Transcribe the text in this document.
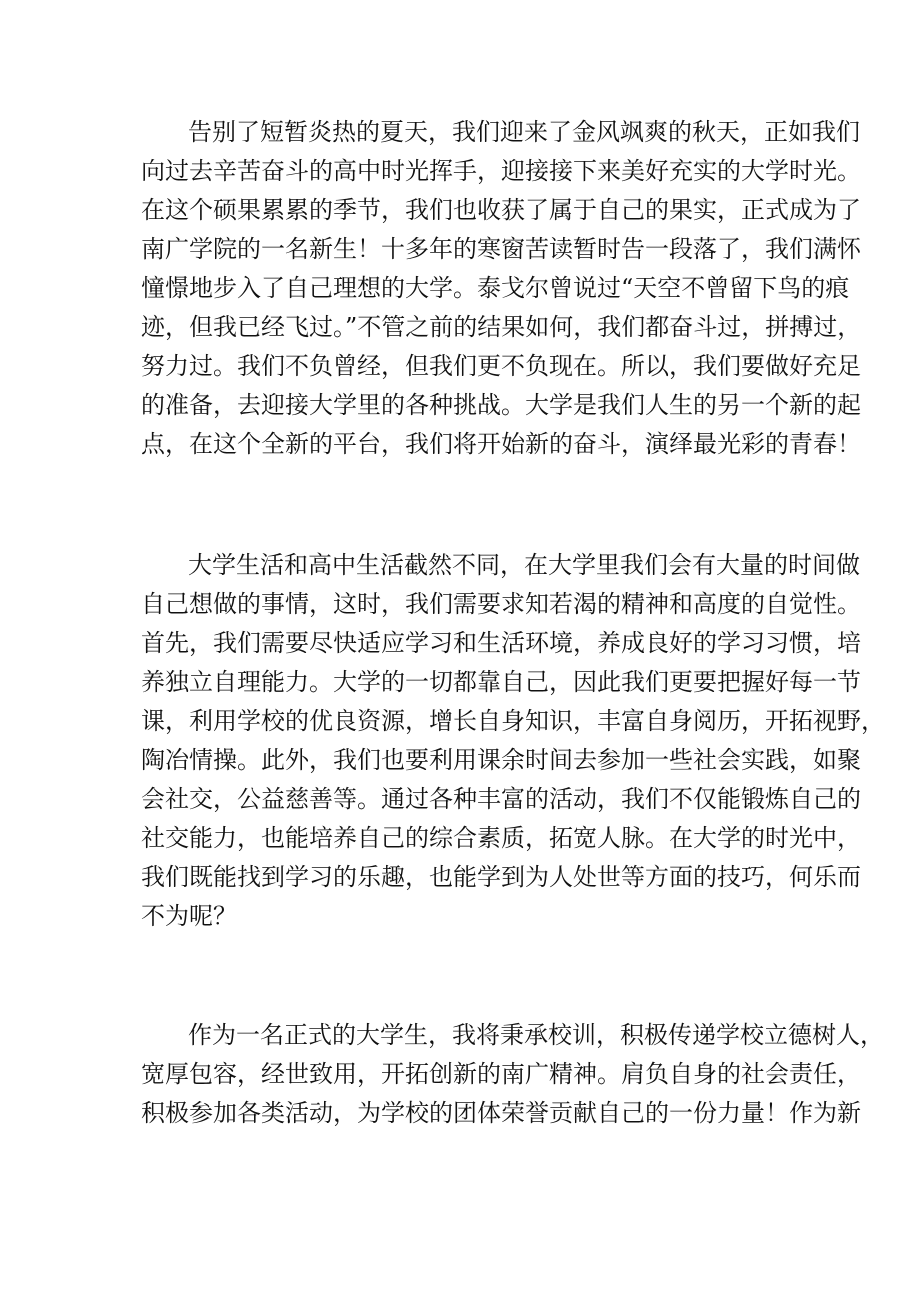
告别了短暂炎热的夏天，我们迎来了金风飒爽的秋天，正如我们
向过去辛苦奋斗的高中时光挥手，迎接接下来美好充实的大学时光。
在这个硕果累累的季节，我们也收获了属于自己的果实，正式成为了
南广学院的一名新生！十多年的寒窗苦读暂时告一段落了，我们满怀
憧憬地步入了自己理想的大学。泰戈尔曾说过“天空不曾留下鸟的痕
迹，但我已经飞过。”不管之前的结果如何，我们都奋斗过，拼搏过，
努力过。我们不负曾经，但我们更不负现在。所以，我们要做好充足
的准备，去迎接大学里的各种挑战。大学是我们人生的另一个新的起
点，在这个全新的平台，我们将开始新的奋斗，演绎最光彩的青春！
大学生活和高中生活截然不同，在大学里我们会有大量的时间做
自己想做的事情，这时，我们需要求知若渴的精神和高度的自觉性。
首先，我们需要尽快适应学习和生活环境，养成良好的学习习惯，培
养独立自理能力。大学的一切都靠自己，因此我们更要把握好每一节
课，利用学校的优良资源，增长自身知识，丰富自身阅历，开拓视野，
陶冶情操。此外，我们也要利用课余时间去参加一些社会实践，如聚
会社交，公益慈善等。通过各种丰富的活动，我们不仅能锻炼自己的
社交能力，也能培养自己的综合素质，拓宽人脉。在大学的时光中，
我们既能找到学习的乐趣，也能学到为人处世等方面的技巧，何乐而
不为呢？
作为一名正式的大学生，我将秉承校训，积极传递学校立德树人，
宽厚包容，经世致用，开拓创新的南广精神。肩负自身的社会责任，
积极参加各类活动，为学校的团体荣誉贡献自己的一份力量！作为新
